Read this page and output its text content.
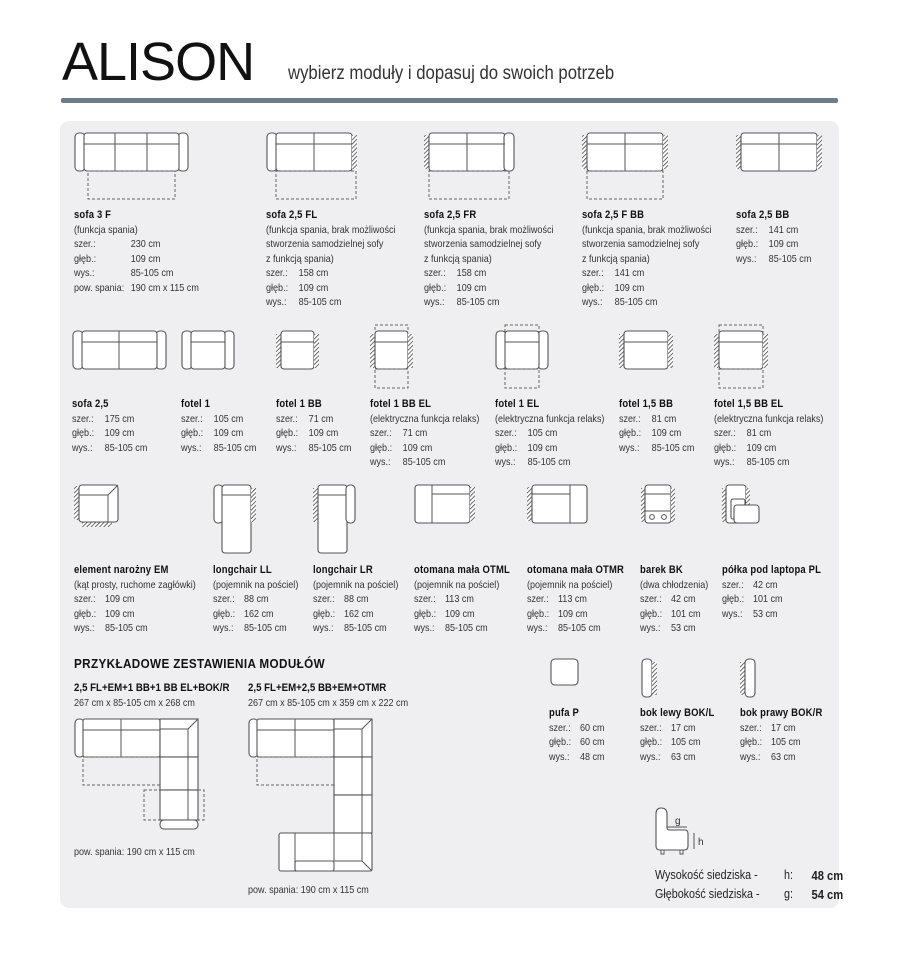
ALISON wybierz moduły i dopasuj do swoich potrzeb
sofa 3 F
(funkcja spania)
szer.:	230 cm
głęb.:	109 cm
wys.:	85-105 cm
pow. spania: 190 cm x 115 cm
sofa 2,5 FL
(funkcja spania, brak możliwości
stworzenia samodzielnej sofy
z funkcją spania)
szer.:	158 cm
głęb.:	109 cm
wys.:	85-105 cm
sofa 2,5 FR
(funkcja spania, brak możliwości
stworzenia samodzielnej sofy
z funkcją spania)
szer.:	158 cm
głęb.:	109 cm
wys.:	85-105 cm
sofa 2,5 F BB
(funkcja spania, brak możliwości
stworzenia samodzielnej sofy
z funkcją spania)
szer.:	141 cm
głęb.:	109 cm
wys.:	85-105 cm
sofa 2,5 BB
szer.:	141 cm
głęb.:	109 cm
wys.:	85-105 cm
sofa 2,5
szer.:	175 cm
głęb.:	109 cm
wys.:	85-105 cm
fotel 1
szer.:	105 cm
głęb.:	109 cm
wys.:	85-105 cm
fotel 1 BB
szer.:	71 cm
głęb.:	109 cm
wys.:	85-105 cm
fotel 1 BB EL
(elektryczna funkcja relaks)
szer.:	71 cm
głęb.:	109 cm
wys.:	85-105 cm
fotel 1 EL
(elektryczna funkcja relaks)
szer.:	105 cm
głęb.:	109 cm
wys.:	85-105 cm
fotel 1,5 BB
szer.:	81 cm
głęb.:	109 cm
wys.:	85-105 cm
fotel 1,5 BB EL
(elektryczna funkcja relaks)
szer.:	81 cm
głęb.:	109 cm
wys.:	85-105 cm
element narożny EM
(kąt prosty, ruchome zagłówki)
szer.: 109 cm
głęb.: 109 cm
wys.: 85-105 cm
longchair LL
(pojemnik na pościel)
szer.: 88 cm
głęb.: 162 cm
wys.: 85-105 cm
longchair LR
(pojemnik na pościel)
szer.: 88 cm
głęb.: 162 cm
wys.: 85-105 cm
otomana mała OTML
(pojemnik na pościel)
szer.: 113 cm
głęb.: 109 cm
wys.: 85-105 cm
otomana mała OTMR
(pojemnik na pościel)
szer.: 113 cm
głęb.: 109 cm
wys.: 85-105 cm
barek BK
(dwa chłodzenia)
szer.: 42 cm
głęb.: 101 cm
wys.: 53 cm
półka pod laptopa PL
szer.: 42 cm
głęb.: 101 cm
wys.: 53 cm
PRZYKŁADOWE ZESTAWIENIA MODUŁÓW
2,5 FL+EM+1 BB+1 BB EL+BOK/R
267 cm x 85-105 cm x 268 cm
pow. spania: 190 cm x 115 cm
2,5 FL+EM+2,5 BB+EM+OTMR
267 cm x 85-105 cm x 359 cm x 222 cm
pow. spania: 190 cm x 115 cm
pufa P
szer.: 60 cm
głęb.: 60 cm
wys.: 48 cm
bok lewy BOK/L
szer.: 17 cm
głęb.: 105 cm
wys.: 63 cm
bok prawy BOK/R
szer.: 17 cm
głęb.: 105 cm
wys.: 63 cm
g
h
Wysokość siedziska -	h:	48 cm
Głębokość siedziska -	g:	54 cm
